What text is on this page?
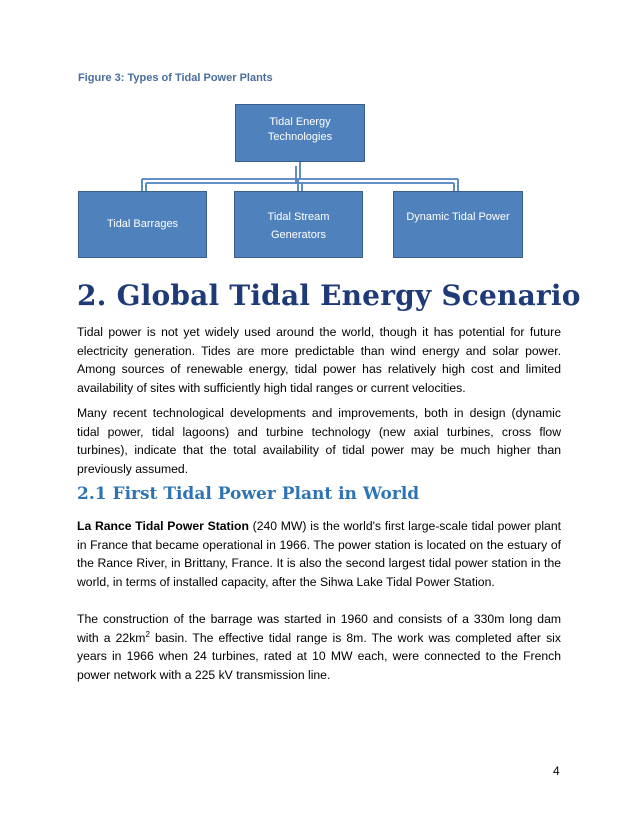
Figure 3: Types of Tidal Power Plants
Tidal Energy Technologies
Tidal Barrages
Tidal Stream Generators
Dynamic Tidal Power
2. Global Tidal Energy Scenario

Tidal power is not yet widely used around the world, though it has potential for future electricity generation. Tides are more predictable than wind energy and solar power. Among sources of renewable energy, tidal power has relatively high cost and limited availability of sites with sufficiently high tidal ranges or current velocities.

Many recent technological developments and improvements, both in design (dynamic tidal power, tidal lagoons) and turbine technology (new axial turbines, cross flow turbines), indicate that the total availability of tidal power may be much higher than previously assumed.

2.1 First Tidal Power Plant in World

La Rance Tidal Power Station (240 MW) is the world's first large-scale tidal power plant in France that became operational in 1966. The power station is located on the estuary of the Rance River, in Brittany, France. It is also the second largest tidal power station in the world, in terms of installed capacity, after the Sihwa Lake Tidal Power Station.

The construction of the barrage was started in 1960 and consists of a 330m long dam with a $22km^2$ basin. The effective tidal range is 8m. The work was completed after six years in 1966 when 24 turbines, rated at 10 MW each, were connected to the French power network with a 225 kV transmission line.

4
